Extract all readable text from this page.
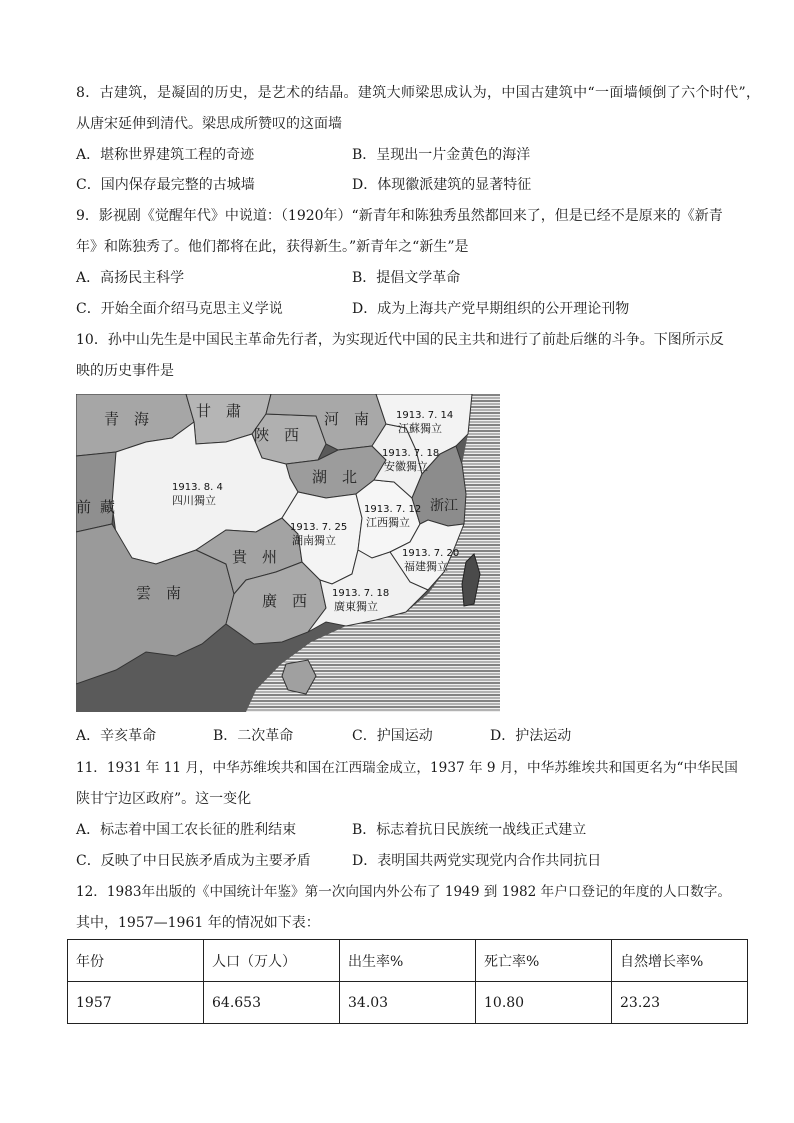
8．古建筑，是凝固的历史，是艺术的结晶。建筑大师梁思成认为，中国古建筑中“一面墙倾倒了六个时代”，
从唐宋延伸到清代。梁思成所赞叹的这面墙
A．堪称世界建筑工程的奇迹	B．呈现出一片金黄色的海洋
C．国内保存最完整的古城墙	D．体现徽派建筑的显著特征
9．影视剧《觉醒年代》中说道：（1920年）“新青年和陈独秀虽然都回来了，但是已经不是原来的《新青
年》和陈独秀了。他们都将在此，获得新生。”新青年之“新生”是
A．高扬民主科学	B．提倡文学革命
C．开始全面介绍马克思主义学说	D．成为上海共产党早期组织的公开理论刊物
10．孙中山先生是中国民主革命先行者，为实现近代中国的民主共和进行了前赴后继的斗争。下图所示反
映的历史事件是
青　海	甘　肅
陜　西
河　南
湖　北
浙江
貴　州
廣　西
雲　南
藏
前
1913. 7. 14
江蘇獨立
1913. 7. 18
安徽獨立
1913. 8. 4
四川獨立
1913. 7. 25
湖南獨立
1913. 7. 12
江西獨立
1913. 7. 20
福建獨立
1913. 7. 18
廣東獨立
A．辛亥革命	B．二次革命	C．护国运动	D．护法运动
11．1931 年 11 月，中华苏维埃共和国在江西瑞金成立，1937 年 9 月，中华苏维埃共和国更名为“中华民国
陕甘宁边区政府”。这一变化
A．标志着中国工农长征的胜利结束	B．标志着抗日民族统一战线正式建立
C．反映了中日民族矛盾成为主要矛盾	D．表明国共两党实现党内合作共同抗日
12．1983年出版的《中国统计年鉴》第一次向国内外公布了 1949 到 1982 年户口登记的年度的人口数字。
其中，1957—1961 年的情况如下表：
年份	人口（万人）	出生率%	死亡率%	自然增长率%
1957	64.653	34.03	10.80	23.23
